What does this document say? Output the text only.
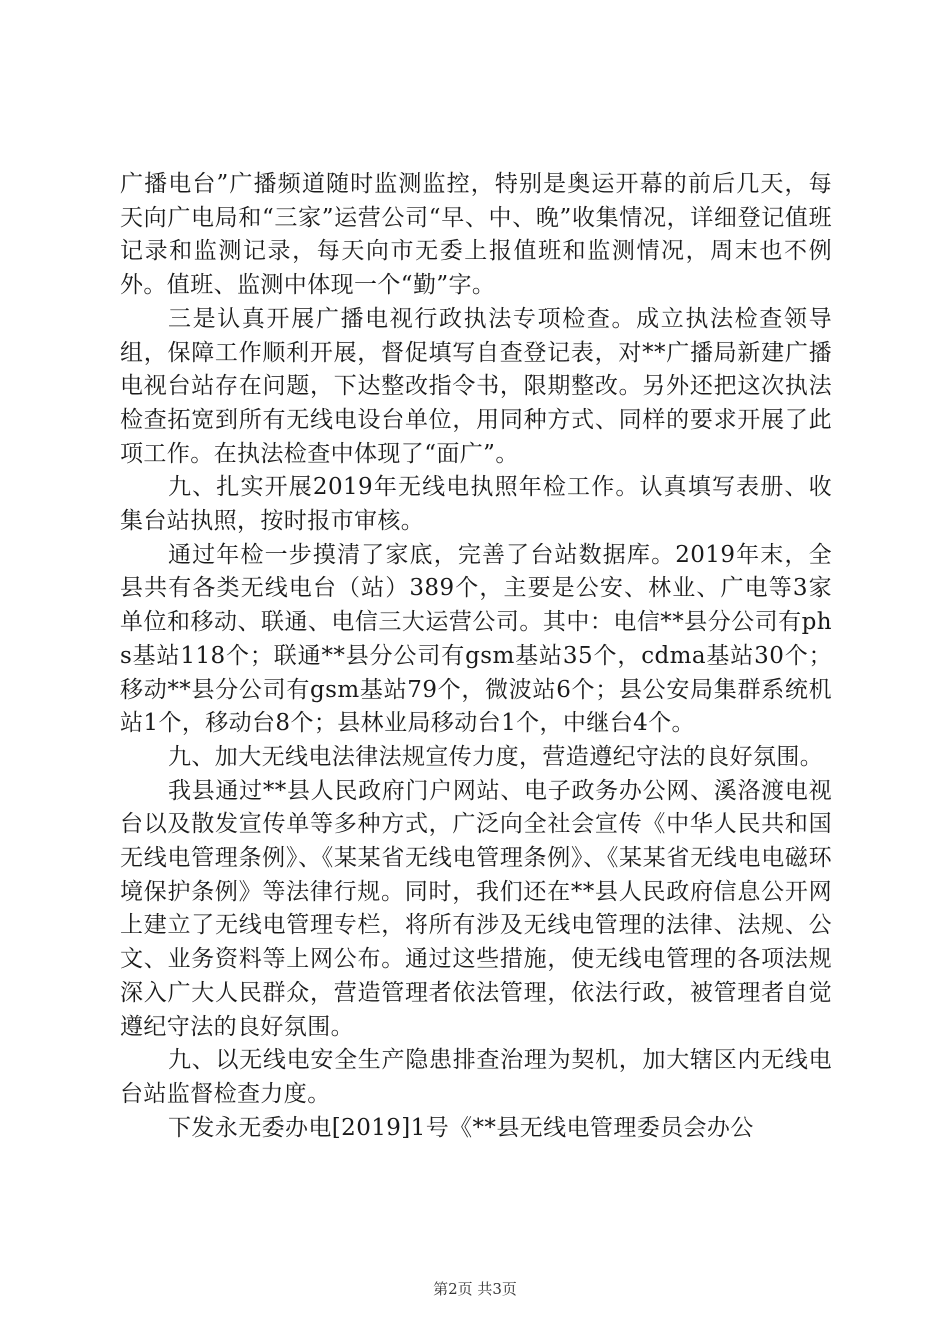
广播电台”广播频道随时监测监控，特别是奥运开幕的前后几天，每天向广电局和“三家”运营公司“早、中、晚”收集情况，详细登记值班记录和监测记录，每天向市无委上报值班和监测情况，周末也不例外。值班、监测中体现一个“勤”字。

三是认真开展广播电视行政执法专项检查。成立执法检查领导组，保障工作顺利开展，督促填写自查登记表，对**广播局新建广播电视台站存在问题，下达整改指令书，限期整改。另外还把这次执法检查拓宽到所有无线电设台单位，用同种方式、同样的要求开展了此项工作。在执法检查中体现了“面广”。

九、扎实开展2019年无线电执照年检工作。认真填写表册、收集台站执照，按时报市审核。

通过年检一步摸清了家底，完善了台站数据库。2019年末，全县共有各类无线电台（站）389个，主要是公安、林业、广电等3家单位和移动、联通、电信三大运营公司。其中：电信**县分公司有phs基站118个；联通**县分公司有gsm基站35个，cdma基站30个；移动**县分公司有gsm基站79个，微波站6个；县公安局集群系统机站1个，移动台8个；县林业局移动台1个，中继台4个。

九、加大无线电法律法规宣传力度，营造遵纪守法的良好氛围。

我县通过**县人民政府门户网站、电子政务办公网、溪洛渡电视台以及散发宣传单等多种方式，广泛向全社会宣传《中华人民共和国无线电管理条例》、《某某省无线电管理条例》、《某某省无线电电磁环境保护条例》等法律行规。同时，我们还在**县人民政府信息公开网上建立了无线电管理专栏，将所有涉及无线电管理的法律、法规、公文、业务资料等上网公布。通过这些措施，使无线电管理的各项法规深入广大人民群众，营造管理者依法管理，依法行政，被管理者自觉遵纪守法的良好氛围。

九、以无线电安全生产隐患排查治理为契机，加大辖区内无线电台站监督检查力度。

下发永无委办电[2019]1号《**县无线电管理委员会办公

第2页 共3页
